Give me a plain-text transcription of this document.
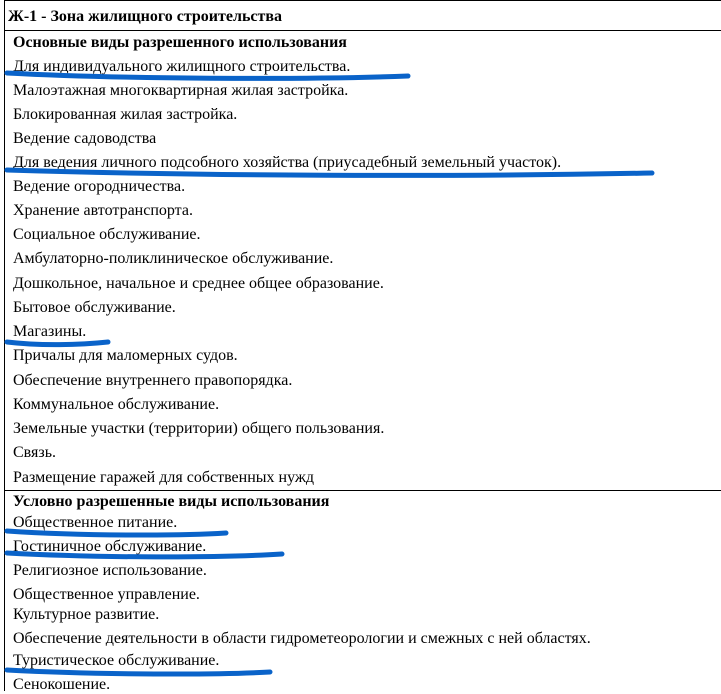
Ж-1 - Зона жилищного строительства
Основные виды разрешенного использования
Для индивидуального жилищного строительства.
Малоэтажная многоквартирная жилая застройка.
Блокированная жилая застройка.
Ведение садоводства
Для ведения личного подсобного хозяйства (приусадебный земельный участок).
Ведение огородничества.
Хранение автотранспорта.
Социальное обслуживание.
Амбулаторно-поликлиническое обслуживание.
Дошкольное, начальное и среднее общее образование.
Бытовое обслуживание.
Магазины.
Причалы для маломерных судов.
Обеспечение внутреннего правопорядка.
Коммунальное обслуживание.
Земельные участки (территории) общего пользования.
Связь.
Размещение гаражей для собственных нужд
Условно разрешенные виды использования
Общественное питание.
Гостиничное обслуживание.
Религиозное использование.
Общественное управление.
Культурное развитие.
Обеспечение деятельности в области гидрометеорологии и смежных с ней областях.
Туристическое обслуживание.
Сенокошение.
